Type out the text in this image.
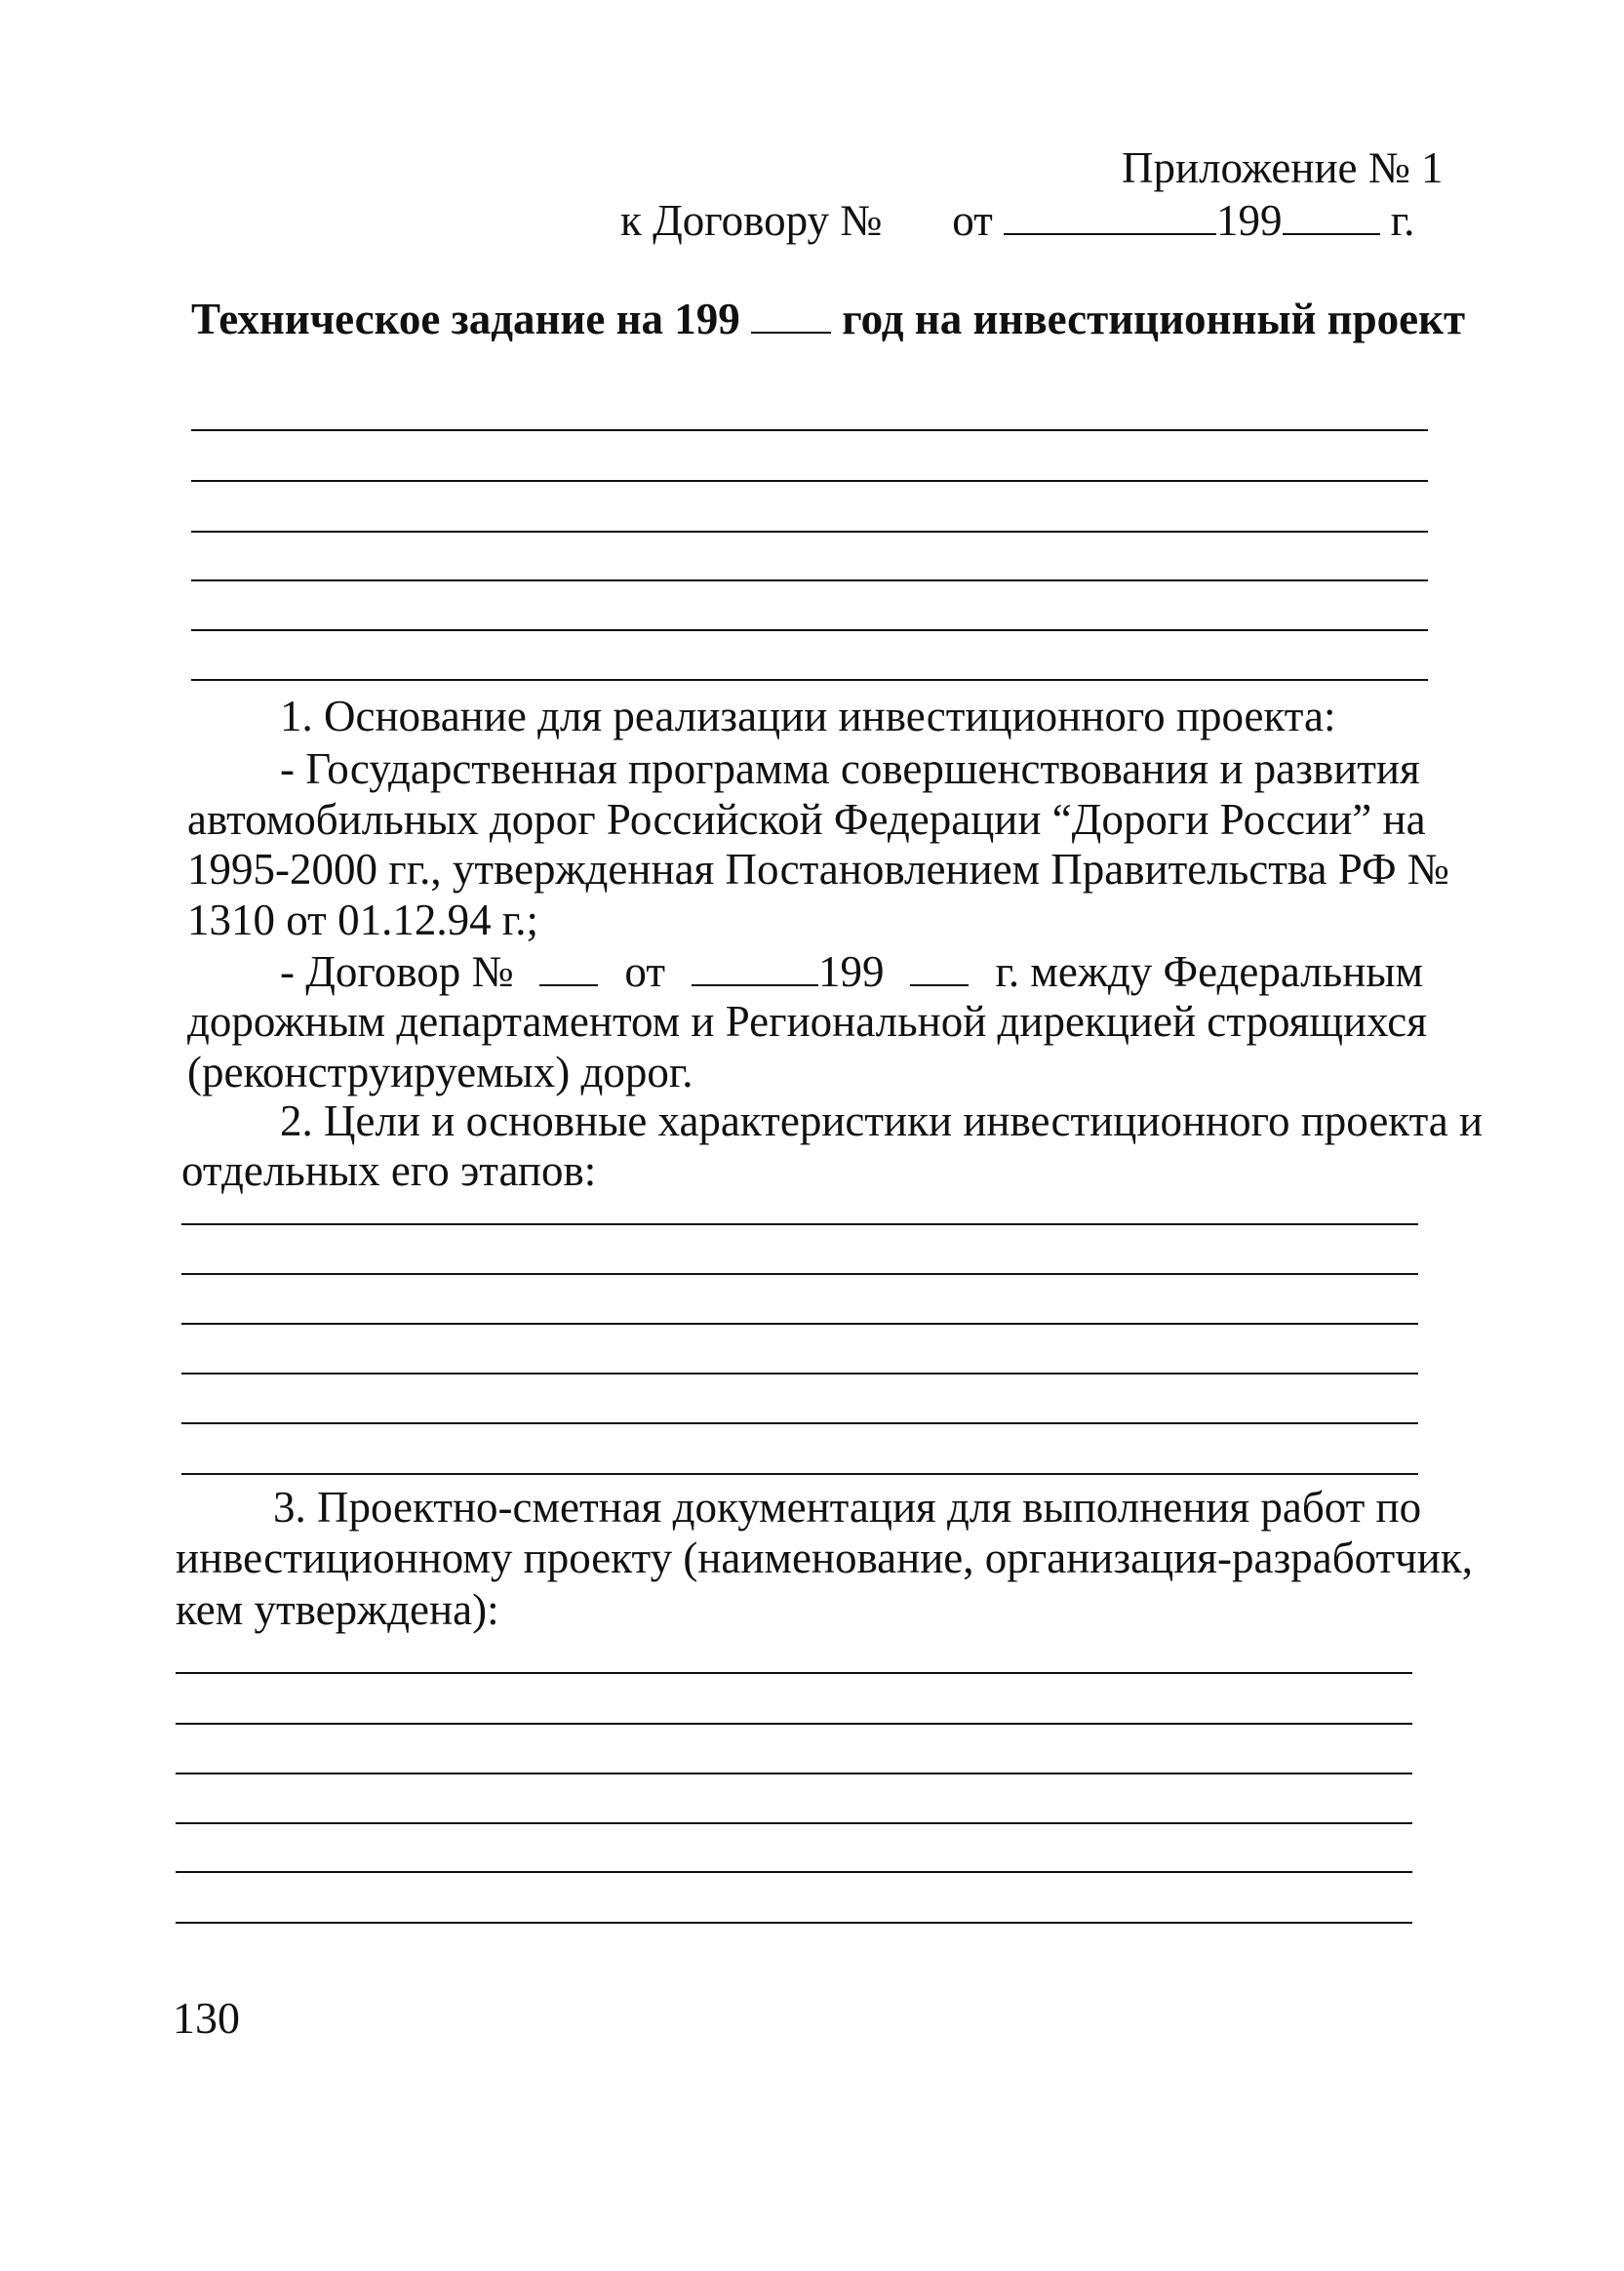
Приложение № 1
к Договору № от	199 г.
Техническое задание на 199 год на инвестиционный проект
1. Основание для реализации инвестиционного проекта:
- Государственная программа совершенствования и развития
автомобильных дорог Российской Федерации “Дороги России” на
1995-2000 гг., утвержденная Постановлением Правительства РФ №
1310 от 01.12.94 г.;
- Договор №	от	199	г. между Федеральным
дорожным департаментом и Региональной дирекцией строящихся
(реконструируемых) дорог.
2. Цели и основные характеристики инвестиционного проекта и
отдельных его этапов:
3. Проектно-сметная документация для выполнения работ по
инвестиционному проекту (наименование, организация-разработчик,
кем утверждена):
130
